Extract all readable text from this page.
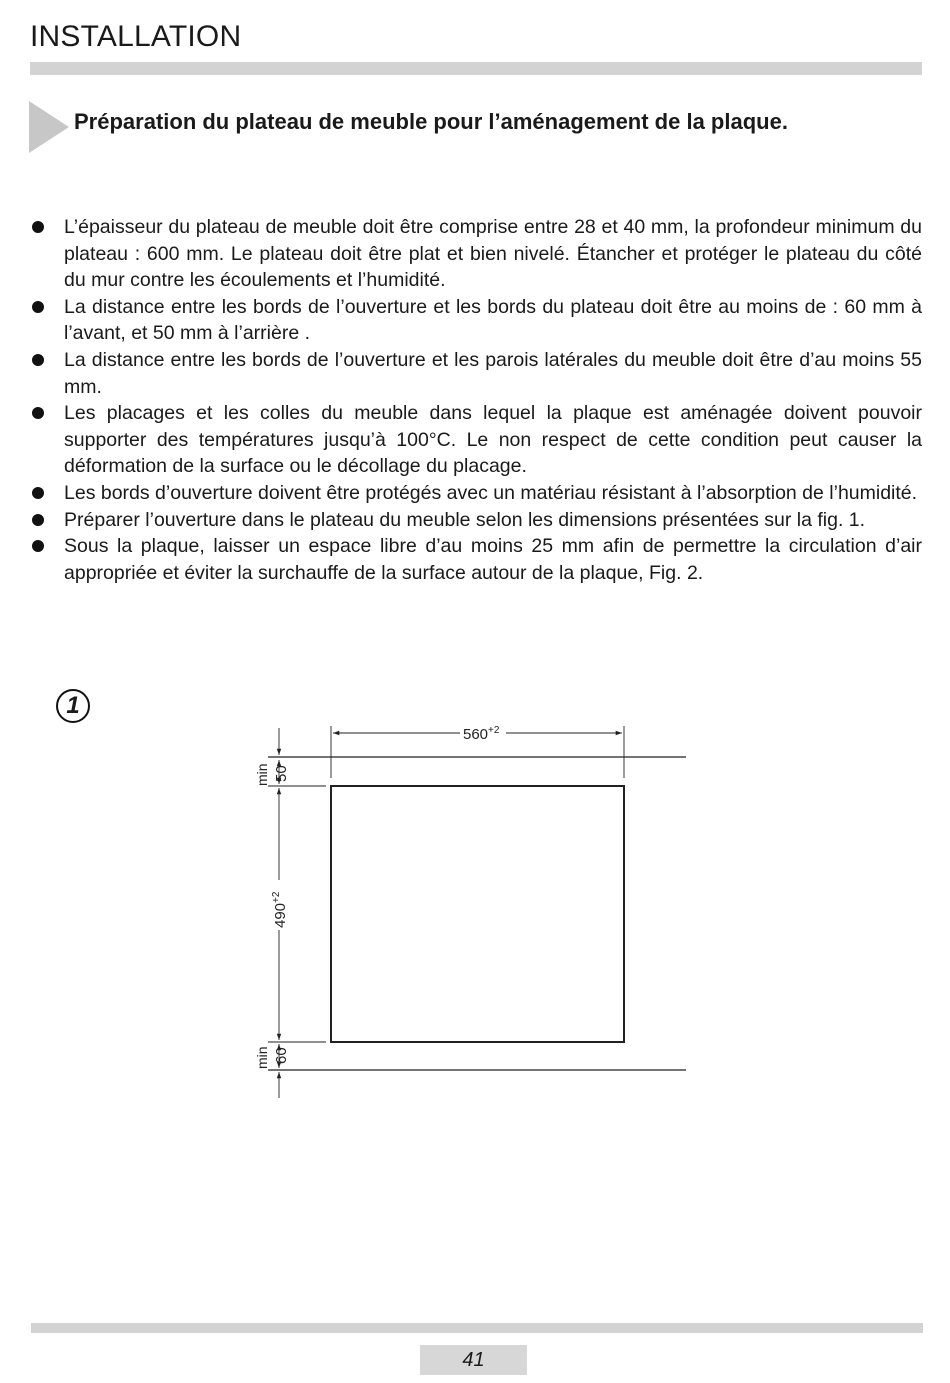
INSTALLATION
Préparation du plateau de meuble pour l’aménagement de la plaque.
L’épaisseur du plateau de meuble doit être comprise entre 28 et 40 mm, la profondeur minimum du plateau : 600 mm. Le plateau doit être plat et bien nivelé. Étancher et protéger le plateau du côté du mur contre les écoulements et l’humidité.
La distance entre les bords de l’ouverture et les bords du plateau doit être au moins de : 60 mm à l’avant, et 50 mm à l’arrière .
La distance entre les bords de l’ouverture et les parois latérales du meuble doit être d’au moins 55 mm.
Les placages et les colles du meuble dans lequel la plaque est aménagée doivent pouvoir supporter des températures jusqu’à 100°C. Le non respect de cette condition peut causer la déformation de la surface ou le décollage du placage.
Les bords d’ouverture doivent être protégés avec un matériau résistant à l’absorption de l’humidité.
Préparer l’ouverture dans le plateau du meuble selon les dimensions présentées sur la fig. 1.
Sous la plaque, laisser un espace libre d’au moins 25 mm afin de permettre la circulation d’air appropriée et éviter la surchauffe de la surface autour de la plaque, Fig. 2.
1
$560^{+2}$
$490^{+2}$
min 50
min 60
41
